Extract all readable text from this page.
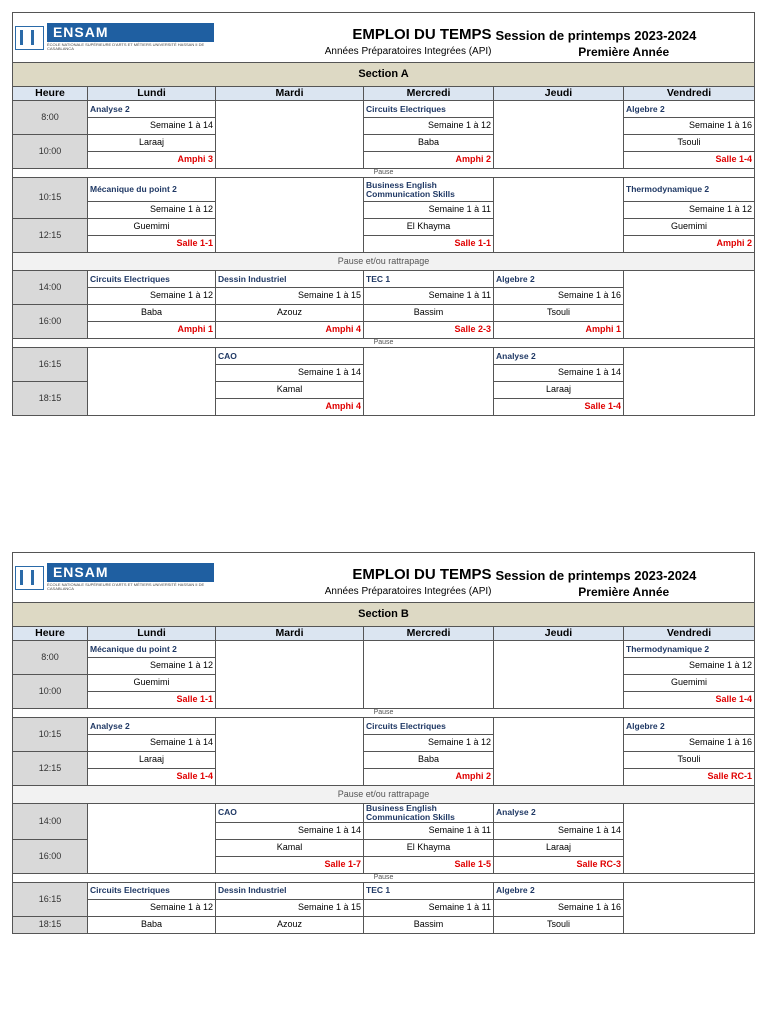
ENSAM
ÉCOLE NATIONALE SUPÉRIEURE D'ARTS ET MÉTIERS UNIVERSITÉ HASSAN II DE CASABLANCA		EMPLOI DU TEMPS		Session de printemps 2023-2024	
		Années Préparatoires Integrées (API)		Première Année	
Section A					
Heure	Lundi	Mardi	Mercredi	Jeudi	Vendredi
8:00	Analyse 2		Circuits Electriques		Algebre 2
	Semaine 1 à 14		Semaine 1 à 12		Semaine 1 à 16
10:00	Laraaj		Baba		Tsouli
	Amphi 3		Amphi 2		Salle 1-4
Pause					
10:15	Mécanique du point 2		Business English Communication Skills		Thermodynamique 2
	Semaine 1 à 12		Semaine 1 à 11		Semaine 1 à 12
12:15	Guemimi		El Khayma		Guemimi
	Salle 1-1		Salle 1-1		Amphi 2
Pause et/ou rattrapage					
14:00	Circuits Electriques	Dessin Industriel	TEC 1	Algebre 2	
	Semaine 1 à 12	Semaine 1 à 15	Semaine 1 à 11	Semaine 1 à 16	
16:00	Baba	Azouz	Bassim	Tsouli	
	Amphi 1	Amphi 4	Salle 2-3	Amphi 1	
Pause					
16:15		CAO		Analyse 2	
		Semaine 1 à 14		Semaine 1 à 14	
18:15		Kamal		Laraaj	
		Amphi 4		Salle 1-4	
ENSAM
ÉCOLE NATIONALE SUPÉRIEURE D'ARTS ET MÉTIERS UNIVERSITÉ HASSAN II DE CASABLANCA		EMPLOI DU TEMPS		Session de printemps 2023-2024	
		Années Préparatoires Integrées (API)		Première Année	
Section B					
Heure	Lundi	Mardi	Mercredi	Jeudi	Vendredi
8:00	Mécanique du point 2				Thermodynamique 2
	Semaine 1 à 12				Semaine 1 à 12
10:00	Guemimi				Guemimi
	Salle 1-1				Salle 1-4
Pause					
10:15	Analyse 2		Circuits Electriques		Algebre 2
	Semaine 1 à 14		Semaine 1 à 12		Semaine 1 à 16
12:15	Laraaj		Baba		Tsouli
	Salle 1-4		Amphi 2		Salle RC-1
Pause et/ou rattrapage					
14:00		CAO	Business English Communication Skills	Analyse 2	
		Semaine 1 à 14	Semaine 1 à 11	Semaine 1 à 14	
16:00		Kamal	El Khayma	Laraaj	
		Salle 1-7	Salle 1-5	Salle RC-3	
Pause					
16:15	Circuits Electriques	Dessin Industriel	TEC 1	Algebre 2	
	Semaine 1 à 12	Semaine 1 à 15	Semaine 1 à 11	Semaine 1 à 16	
18:15	Baba	Azouz	Bassim	Tsouli	
